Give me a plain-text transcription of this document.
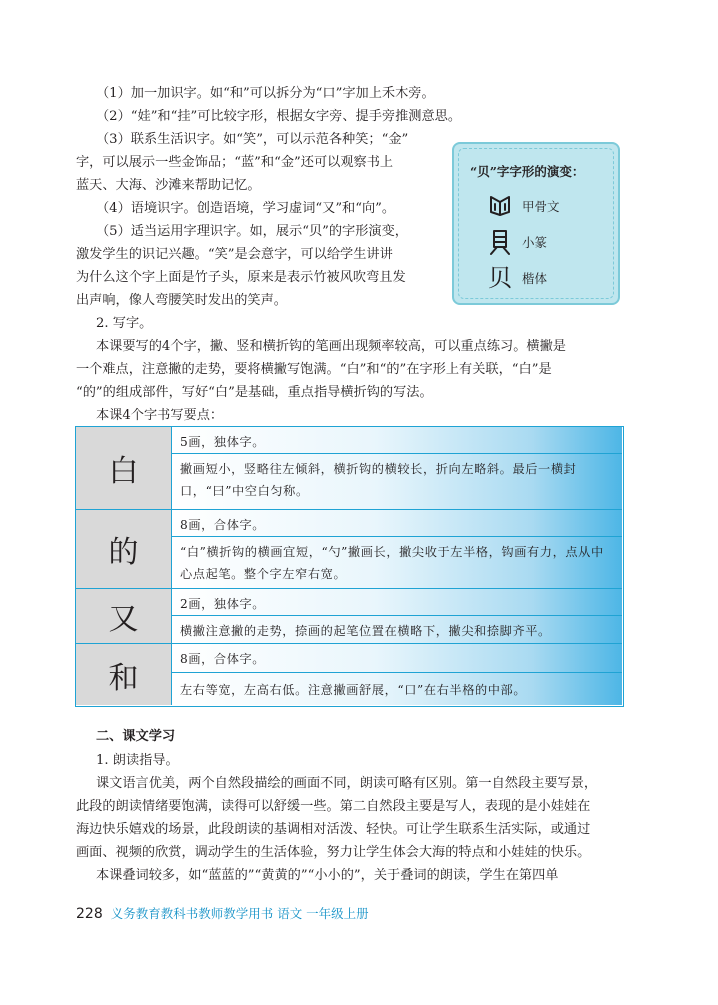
（1）加一加识字。如“和”可以拆分为“口”字加上禾木旁。

（2）“娃”和“挂”可比较字形，根据女字旁、提手旁推测意思。

（3）联系生活识字。如“笑”，可以示范各种笑；“金”

字，可以展示一些金饰品；“蓝”和“金”还可以观察书上

蓝天、大海、沙滩来帮助记忆。

（4）语境识字。创造语境，学习虚词“又”和“向”。

（5）适当运用字理识字。如，展示“贝”的字形演变，

激发学生的识记兴趣。“笑”是会意字，可以给学生讲讲

为什么这个字上面是竹子头，原来是表示竹被风吹弯且发

出声响，像人弯腰笑时发出的笑声。

2. 写字。

本课要写的4个字，撇、竖和横折钩的笔画出现频率较高，可以重点练习。横撇是

一个难点，注意撇的走势，要将横撇写饱满。“白”和“的”在字形上有关联，“白”是

“的”的组成部件，写好“白”是基础，重点指导横折钩的写法。

本课4个字书写要点：

“贝”字字形的演变：
甲骨文
小篆
贝 楷体
白
5画，独体字。
撇画短小，竖略往左倾斜，横折钩的横较长，折向左略斜。最后一横封口，“曰”中空白匀称。
的
8画，合体字。
“白”横折钩的横画宜短，“勺”撇画长，撇尖收于左半格，钩画有力，点从中心点起笔。整个字左窄右宽。
又	2画，独体字。
横撇注意撇的走势，捺画的起笔位置在横略下，撇尖和捺脚齐平。
和
8画，合体字。
左右等宽，左高右低。注意撇画舒展，“口”在右半格的中部。

二、课文学习

1. 朗读指导。

课文语言优美，两个自然段描绘的画面不同，朗读可略有区别。第一自然段主要写景，

此段的朗读情绪要饱满，读得可以舒缓一些。第二自然段主要是写人，表现的是小娃娃在

海边快乐嬉戏的场景，此段朗读的基调相对活泼、轻快。可让学生联系生活实际，或通过

画面、视频的欣赏，调动学生的生活体验，努力让学生体会大海的特点和小娃娃的快乐。

本课叠词较多，如“蓝蓝的”“黄黄的”“小小的”，关于叠词的朗读，学生在第四单

228 义务教育教科书教师教学用书 语文 一年级上册
